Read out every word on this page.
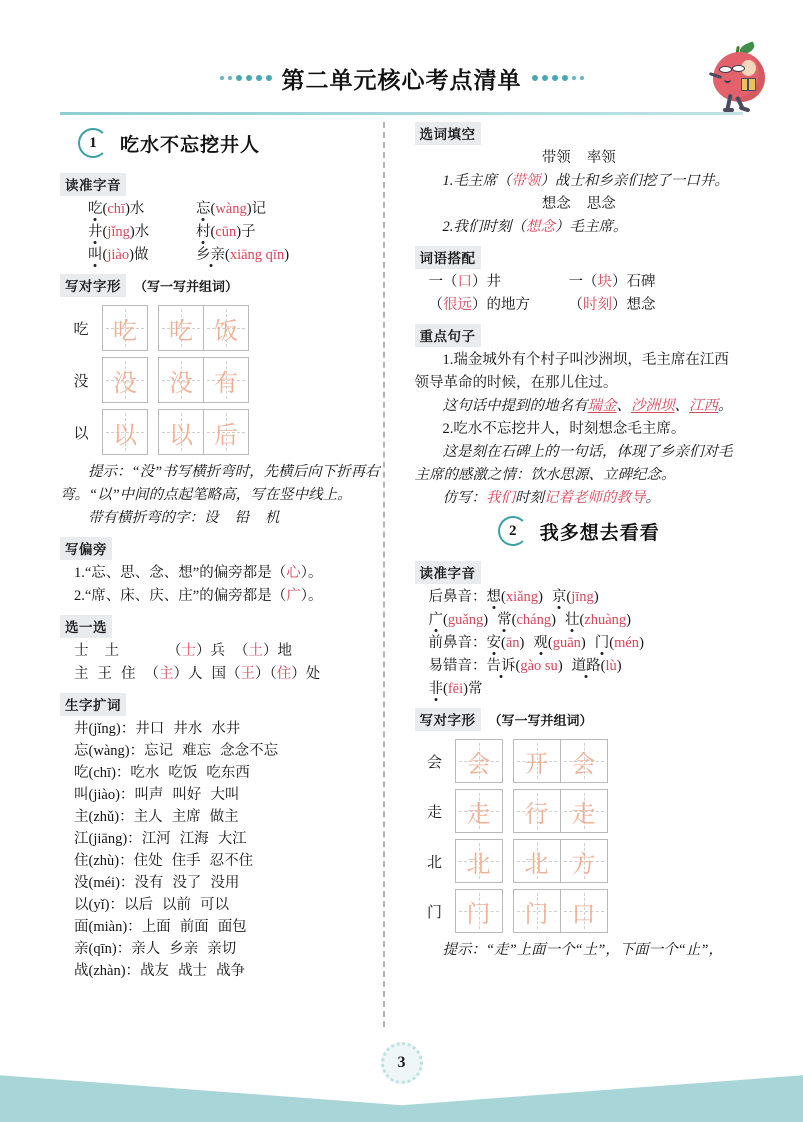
第二单元核心考点清单
1	吃水不忘挖井人
读准字音
吃(chī)水	忘(wàng)记
井(jǐng)水	村(cūn)子
叫(jiào)做	乡亲(xiāng qīn)
写对字形	（写一写并组词）
吃	吃 吃 饭
没	没 没 有
以	以 以 后
提示：“没”书写横折弯时，先横后向下折再右弯。“以”中间的点起笔略高，写在竖中线上。
带有横折弯的字：设 铅 机
写偏旁
1.“忘、思、念、想”的偏旁都是（心）。
2.“席、床、庆、庄”的偏旁都是（广）。
选一选
士 土	（士）兵 （土）地
主 王 住 （主）人 国（王）（住）处
生字扩词
井(jǐng)：井口 井水 水井
忘(wàng)：忘记 难忘 念念不忘
吃(chī)：吃水 吃饭 吃东西
叫(jiào)：叫声 叫好 大叫
主(zhǔ)：主人 主席 做主
江(jiāng)：江河 江海 大江
住(zhù)：住处 住手 忍不住
没(méi)：没有 没了 没用
以(yǐ)：以后 以前 可以
面(miàn)：上面 前面 面包
亲(qīn)：亲人 乡亲 亲切
战(zhàn)：战友 战士 战争
选词填空
带领 率领
1.毛主席（带领）战士和乡亲们挖了一口井。
想念 思念
2.我们时刻（想念）毛主席。
词语搭配
一（口）井	一（块）石碑
（很远）的地方	（时刻）想念
重点句子
1.瑞金城外有个村子叫沙洲坝，毛主席在江西领导革命的时候，在那儿住过。
这句话中提到的地名有瑞金、沙洲坝、江西。
2.吃水不忘挖井人，时刻想念毛主席。
这是刻在石碑上的一句话，体现了乡亲们对毛主席的感激之情：饮水思源、立碑纪念。
仿写：我们时刻记着老师的教导。
2	我多想去看看
读准字音
后鼻音：想(xiǎng) 京(jīng)
广(guǎng) 常(cháng) 壮(zhuàng)
前鼻音：安(ān) 观(guān) 门(mén)
易错音：告诉(gào su) 道路(lù)
非(fēi)常
写对字形	（写一写并组词）
会	会 开 会
走	走 行 走
北	北 北 方
门	门 门 口
提示：“走”上面一个“土”，下面一个“止”，
3
